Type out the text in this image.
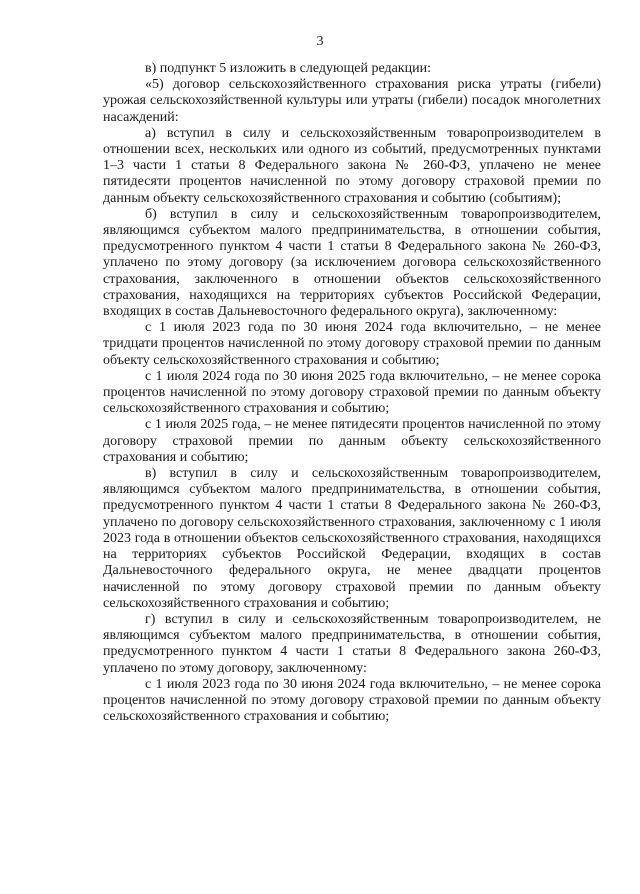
3

в) подпункт 5 изложить в следующей редакции:

«5) договор сельскохозяйственного страхования риска утраты (гибели) урожая сельскохозяйственной культуры или утраты (гибели) посадок многолетних насаждений:

а) вступил в силу и сельскохозяйственным товаропроизводителем в отношении всех, нескольких или одного из событий, предусмотренных пунктами 1–3 части 1 статьи 8 Федерального закона № 260-ФЗ, уплачено не менее пятидесяти процентов начисленной по этому договору страховой премии по данным объекту сельскохозяйственного страхования и событию (событиям);

б) вступил в силу и сельскохозяйственным товаропроизводителем, являющимся субъектом малого предпринимательства, в отношении события, предусмотренного пунктом 4 части 1 статьи 8 Федерального закона № 260-ФЗ, уплачено по этому договору (за исключением договора сельскохозяйственного страхования, заключенного в отношении объектов сельскохозяйственного страхования, находящихся на территориях субъектов Российской Федерации, входящих в состав Дальневосточного федерального округа), заключенному:

с 1 июля 2023 года по 30 июня 2024 года включительно, – не менее тридцати процентов начисленной по этому договору страховой премии по данным объекту сельскохозяйственного страхования и событию;

с 1 июля 2024 года по 30 июня 2025 года включительно, – не менее сорока процентов начисленной по этому договору страховой премии по данным объекту сельскохозяйственного страхования и событию;

с 1 июля 2025 года, – не менее пятидесяти процентов начисленной по этому договору страховой премии по данным объекту сельскохозяйственного страхования и событию;

в) вступил в силу и сельскохозяйственным товаропроизводителем, являющимся субъектом малого предпринимательства, в отношении события, предусмотренного пунктом 4 части 1 статьи 8 Федерального закона № 260-ФЗ, уплачено по договору сельскохозяйственного страхования, заключенному с 1 июля 2023 года в отношении объектов сельскохозяйственного страхования, находящихся на территориях субъектов Российской Федерации, входящих в состав Дальневосточного федерального округа, не менее двадцати процентов начисленной по этому договору страховой премии по данным объекту сельскохозяйственного страхования и событию;

г) вступил в силу и сельскохозяйственным товаропроизводителем, не являющимся субъектом малого предпринимательства, в отношении события, предусмотренного пунктом 4 части 1 статьи 8 Федерального закона 260-ФЗ, уплачено по этому договору, заключенному:

с 1 июля 2023 года по 30 июня 2024 года включительно, – не менее сорока процентов начисленной по этому договору страховой премии по данным объекту сельскохозяйственного страхования и событию;
